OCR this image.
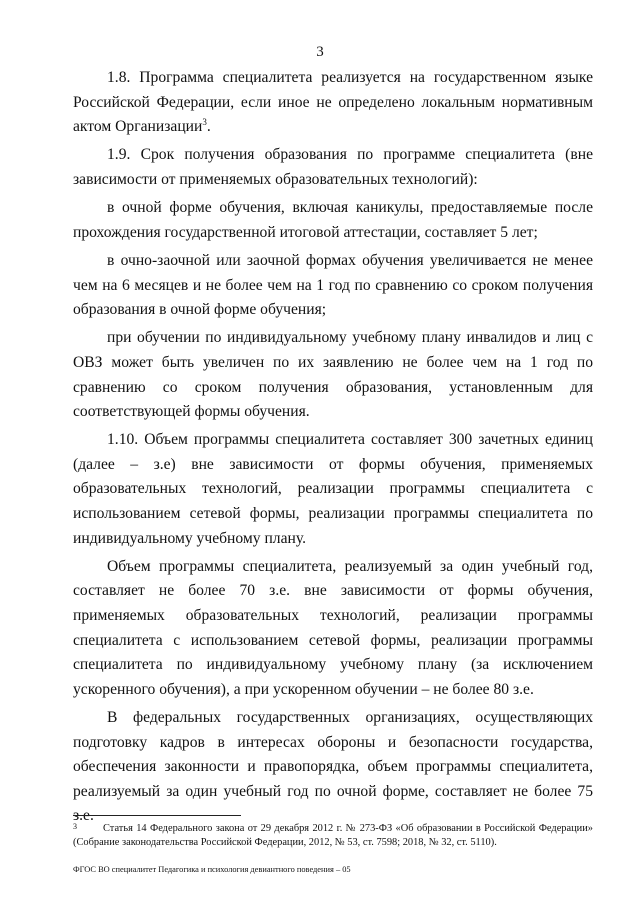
3

1.8. Программа специалитета реализуется на государственном языке Российской Федерации, если иное не определено локальным нормативным актом Организации$^3$.

1.9. Срок получения образования по программе специалитета (вне зависимости от применяемых образовательных технологий):

в очной форме обучения, включая каникулы, предоставляемые после прохождения государственной итоговой аттестации, составляет 5 лет;

в очно-заочной или заочной формах обучения увеличивается не менее чем на 6 месяцев и не более чем на 1 год по сравнению со сроком получения образования в очной форме обучения;

при обучении по индивидуальному учебному плану инвалидов и лиц с ОВЗ может быть увеличен по их заявлению не более чем на 1 год по сравнению со сроком получения образования, установленным для соответствующей формы обучения.

1.10. Объем программы специалитета составляет 300 зачетных единиц (далее – з.е) вне зависимости от формы обучения, применяемых образовательных технологий, реализации программы специалитета с использованием сетевой формы, реализации программы специалитета по индивидуальному учебному плану.

Объем программы специалитета, реализуемый за один учебный год, составляет не более 70 з.е. вне зависимости от формы обучения, применяемых образовательных технологий, реализации программы специалитета с использованием сетевой формы, реализации программы специалитета по индивидуальному учебному плану (за исключением ускоренного обучения), а при ускоренном обучении – не более 80 з.е.

В федеральных государственных организациях, осуществляющих подготовку кадров в интересах обороны и безопасности государства, обеспечения законности и правопорядка, объем программы специалитета, реализуемый за один учебный год по очной форме, составляет не более 75 з.е.

3	Статья 14 Федерального закона от 29 декабря 2012 г. № 273-ФЗ «Об образовании в Российской Федерации» (Собрание законодательства Российской Федерации, 2012, № 53, ст. 7598; 2018, № 32, ст. 5110).
ФГОС ВО специалитет Педагогика и психология девиантного поведения – 05
